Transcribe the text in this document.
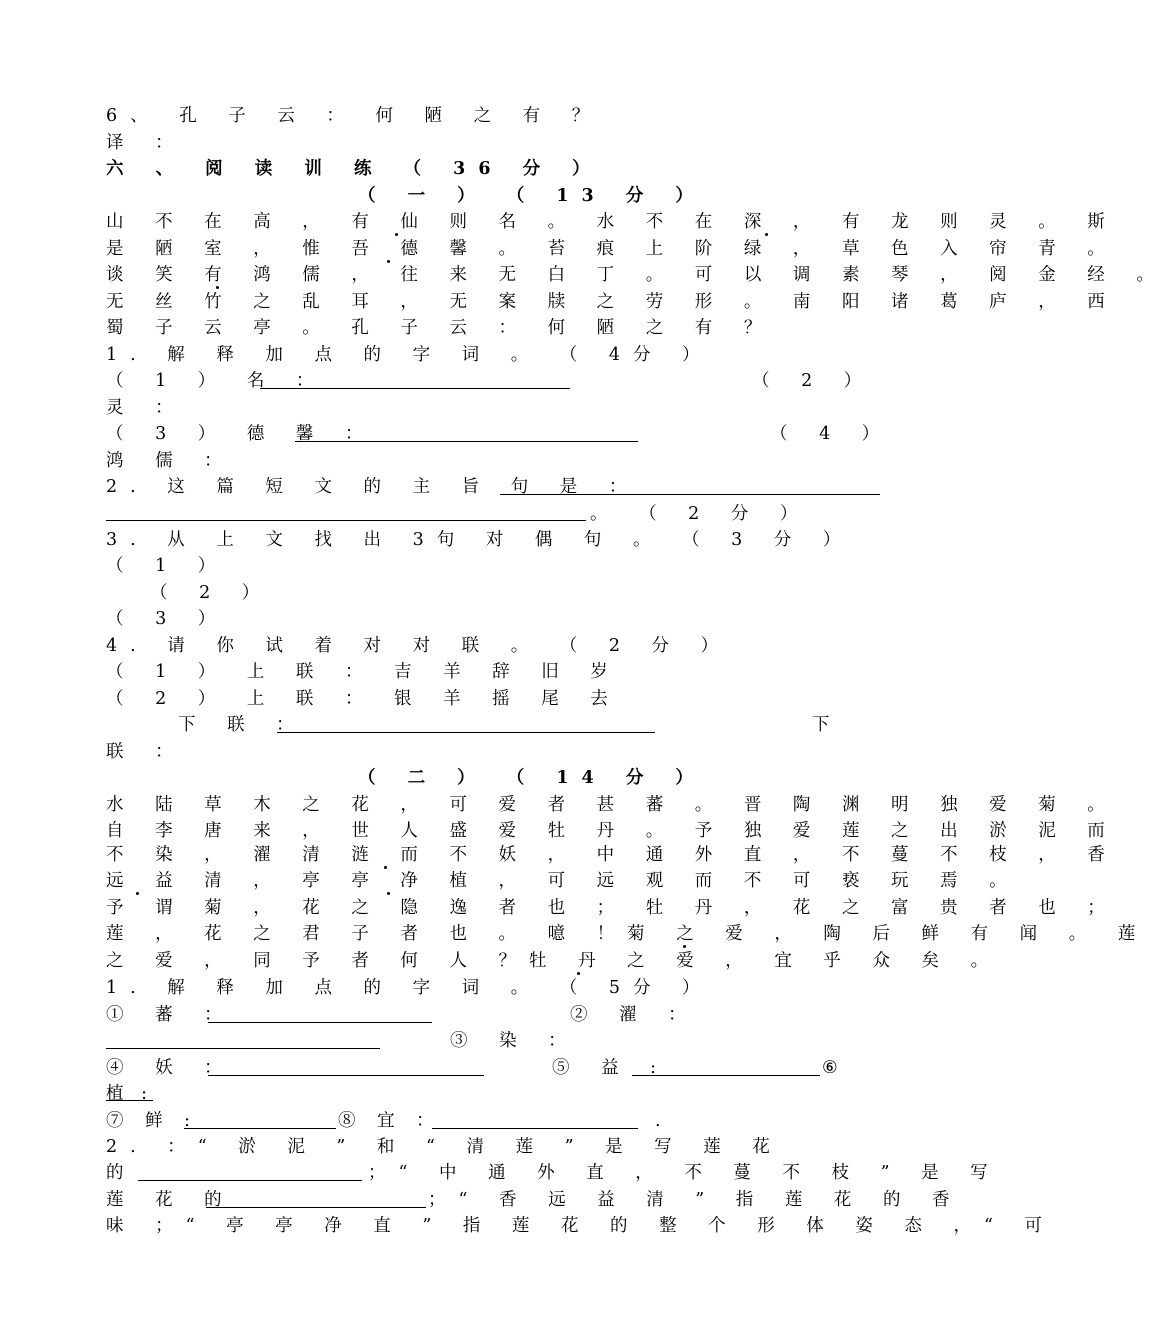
6、 孔 子 云 ： 何 陋 之 有 ？
译 ：
六 、 阅 读 训 练 （ 36 分 ）
（ 一 ） （ 13 分 ）
山 不 在 高 ， 有 仙 则 名 。 水 不 在 深 ， 有 龙 则 灵 。 斯
是 陋 室 ， 惟 吾 德 馨 。 苔 痕 上 阶 绿 ， 草 色 入 帘 青 。
谈 笑 有 鸿 儒 ， 往 来 无 白 丁 。 可 以 调 素 琴 ， 阅 金 经 。
无 丝 竹 之 乱 耳 ， 无 案 牍 之 劳 形 。 南 阳 诸 葛 庐 ， 西
蜀 子 云 亭 。 孔 子 云 ： 何 陋 之 有 ？
1. 解 释 加 点 的 字 词 。 （ 4分 ）
（ 1 ） 名 ：	（ 2 ）
灵 ：
（ 3 ） 德 馨 ：	（ 4 ）
鸿 儒 ：
2. 这 篇 短 文 的 主 旨 句 是 ：
。 （ 2 分 ）
3. 从 上 文 找 出 3句 对 偶 句 。 （ 3 分 ）
（ 1 ）
（ 2 ）
（ 3 ）
4. 请 你 试 着 对 对 联 。 （ 2 分 ）
（ 1 ） 上 联 ： 吉 羊 辞 旧 岁
（ 2 ） 上 联 ： 银 羊 摇 尾 去
下 联 ：	下
联 ：
（ 二 ） （ 14 分 ）
水 陆 草 木 之 花 ， 可 爱 者 甚 蕃 。 晋 陶 渊 明 独 爱 菊 。
自 李 唐 来 ， 世 人 盛 爱 牡 丹 。 予 独 爱 莲 之 出 淤 泥 而
不 染 ， 濯 清 涟 而 不 妖 ， 中 通 外 直 ， 不 蔓 不 枝 ， 香
远 益 清 ， 亭 亭 净 植 ， 可 远 观 而 不 可 亵 玩 焉 。
予 谓 菊 ， 花 之 隐 逸 者 也 ； 牡 丹 ， 花 之 富 贵 者 也 ；
莲 ， 花 之 君 子 者 也 。 噫 ！菊 之 爱 ， 陶 后 鲜 有 闻 。 莲
之 爱 ， 同 予 者 何 人 ？牡 丹 之 爱 ， 宜 乎 众 矣 。
1. 解 释 加 点 的 字 词 。 （ 5分 ）
① 蕃 ：	② 濯 ：
③ 染 ：
④ 妖 ：	⑤ 益 :	⑥
植 :
⑦ 鲜 :	⑧ 宜 ：	.
2. ：“ 淤 泥 ” 和 “ 清 莲 ” 是 写 莲 花
的	；“ 中 通 外 直 ， 不 蔓 不 枝 ” 是 写
莲 花 的	；“ 香 远 益 清 ” 指 莲 花 的 香
味 ；“ 亭 亭 净 直 ” 指 莲 花 的 整 个 形 体 姿 态 ，“ 可
